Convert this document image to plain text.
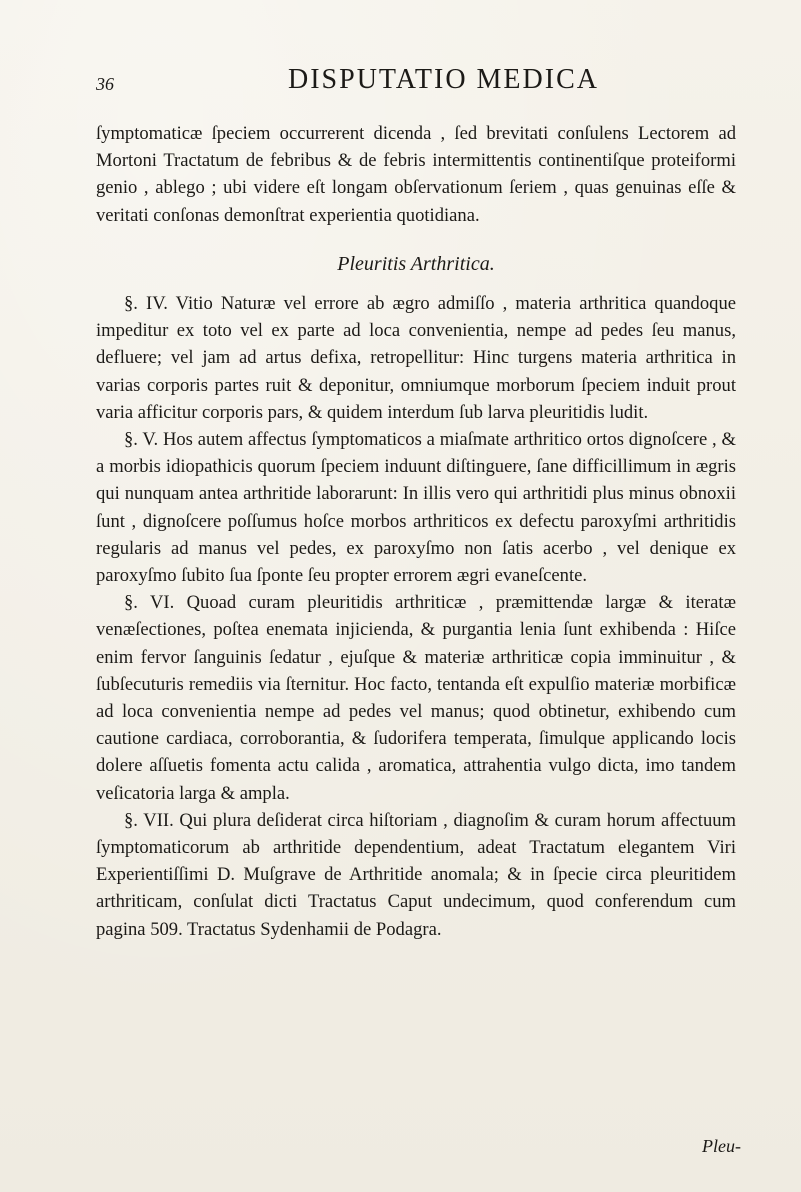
36	DISPUTATIO MEDICA

ſymptomaticæ ſpeciem occurrerent dicenda , ſed brevitati conſulens Lectorem ad Mortoni Tractatum de febribus & de febris intermittentis continentiſque proteiformi genio , ablego ; ubi videre eſt longam obſervationum ſeriem , quas genuinas eſſe & veritati conſonas demonſtrat experientia quotidiana.

Pleuritis Arthritica.

§. IV. Vitio Naturæ vel errore ab ægro admiſſo , materia arthritica quandoque impeditur ex toto vel ex parte ad loca convenientia, nempe ad pedes ſeu manus, defluere; vel jam ad artus defixa, retropellitur: Hinc turgens materia arthritica in varias corporis partes ruit & deponitur, omniumque morborum ſpeciem induit prout varia afficitur corporis pars, & quidem interdum ſub larva pleuritidis ludit.

§. V. Hos autem affectus ſymptomaticos a miaſmate arthritico ortos dignoſcere , & a morbis idiopathicis quorum ſpeciem induunt diſtinguere, ſane difficillimum in ægris qui nunquam antea arthritide laborarunt: In illis vero qui arthritidi plus minus obnoxii ſunt , dignoſcere poſſumus hoſce morbos arthriticos ex defectu paroxyſmi arthritidis regularis ad manus vel pedes, ex paroxyſmo non ſatis acerbo , vel denique ex paroxyſmo ſubito ſua ſponte ſeu propter errorem ægri evaneſcente.

§. VI. Quoad curam pleuritidis arthriticæ , præmittendæ largæ & iteratæ venæſectiones, poſtea enemata injicienda, & purgantia lenia ſunt exhibenda : Hiſce enim fervor ſanguinis ſedatur , ejuſque & materiæ arthriticæ copia imminuitur , & ſubſecuturis remediis via ſternitur. Hoc facto, tentanda eſt expulſio materiæ morbificæ ad loca convenientia nempe ad pedes vel manus; quod obtinetur, exhibendo cum cautione cardiaca, corroborantia, & ſudorifera temperata, ſimulque applicando locis dolere aſſuetis fomenta actu calida , aromatica, attrahentia vulgo dicta, imo tandem veſicatoria larga & ampla.

§. VII. Qui plura deſiderat circa hiſtoriam , diagnoſim & curam horum affectuum ſymptomaticorum ab arthritide dependentium, adeat Tractatum elegantem Viri Experientiſſimi D. Muſgrave de Arthritide anomala; & in ſpecie circa pleuritidem arthriticam, conſulat dicti Tractatus Caput undecimum, quod conferendum cum pagina 509. Tractatus Sydenhamii de Podagra.

Pleu-
